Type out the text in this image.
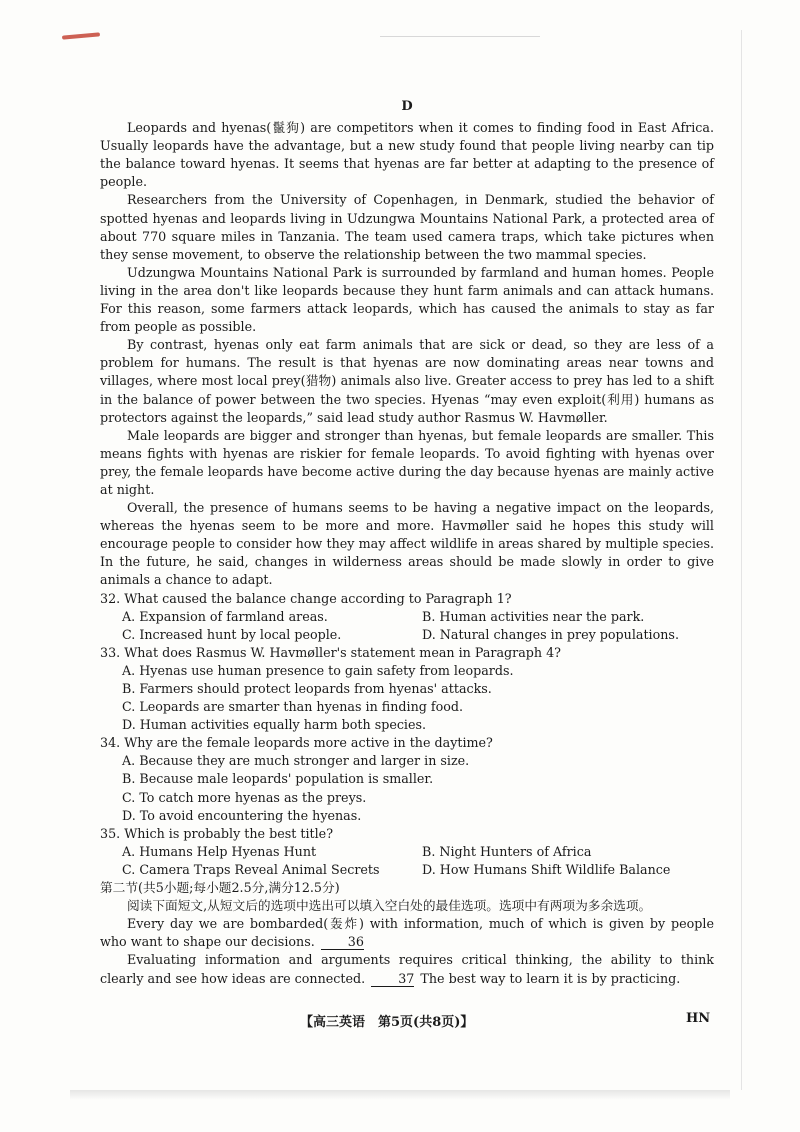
D

Leopards and hyenas(鬣狗) are competitors when it comes to finding food in East Africa. Usually leopards have the advantage, but a new study found that people living nearby can tip the balance toward hyenas. It seems that hyenas are far better at adapting to the presence of people.

Researchers from the University of Copenhagen, in Denmark, studied the behavior of spotted hyenas and leopards living in Udzungwa Mountains National Park, a protected area of about 770 square miles in Tanzania. The team used camera traps, which take pictures when they sense movement, to observe the relationship between the two mammal species.

Udzungwa Mountains National Park is surrounded by farmland and human homes. People living in the area don't like leopards because they hunt farm animals and can attack humans. For this reason, some farmers attack leopards, which has caused the animals to stay as far from people as possible.

By contrast, hyenas only eat farm animals that are sick or dead, so they are less of a problem for humans. The result is that hyenas are now dominating areas near towns and villages, where most local prey(猎物) animals also live. Greater access to prey has led to a shift in the balance of power between the two species. Hyenas “may even exploit(利用) humans as protectors against the leopards,” said lead study author Rasmus W. Havmøller.

Male leopards are bigger and stronger than hyenas, but female leopards are smaller. This means fights with hyenas are riskier for female leopards. To avoid fighting with hyenas over prey, the female leopards have become active during the day because hyenas are mainly active at night.

Overall, the presence of humans seems to be having a negative impact on the leopards, whereas the hyenas seem to be more and more. Havmøller said he hopes this study will encourage people to consider how they may affect wildlife in areas shared by multiple species. In the future, he said, changes in wilderness areas should be made slowly in order to give animals a chance to adapt.

32. What caused the balance change according to Paragraph 1?

A. Expansion of farmland areas.	B. Human activities near the park.
C. Increased hunt by local people.	D. Natural changes in prey populations.

33. What does Rasmus W. Havmøller's statement mean in Paragraph 4?

A. Hyenas use human presence to gain safety from leopards.

B. Farmers should protect leopards from hyenas' attacks.

C. Leopards are smarter than hyenas in finding food.

D. Human activities equally harm both species.

34. Why are the female leopards more active in the daytime?

A. Because they are much stronger and larger in size.

B. Because male leopards' population is smaller.

C. To catch more hyenas as the preys.

D. To avoid encountering the hyenas.

35. Which is probably the best title?

A. Humans Help Hyenas Hunt	B. Night Hunters of Africa
C. Camera Traps Reveal Animal Secrets	D. How Humans Shift Wildlife Balance

第二节(共5小题;每小题2.5分,满分12.5分)

阅读下面短文,从短文后的选项中选出可以填入空白处的最佳选项。选项中有两项为多余选项。

Every day we are bombarded(轰炸) with information, much of which is given by people who want to shape our decisions.	36

Evaluating information and arguments requires critical thinking, the ability to think clearly and see how ideas are connected.	37 The best way to learn it is by practicing.

【高三英语　第5页(共8页)】	HN
